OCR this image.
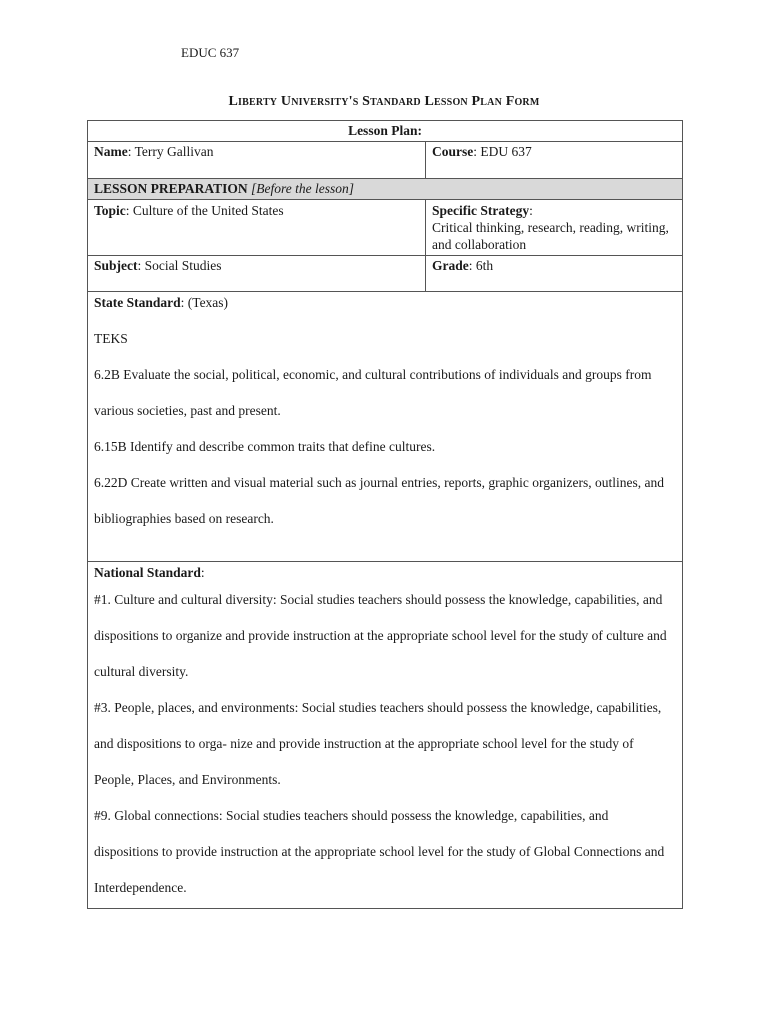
EDUC 637
Liberty University's Standard Lesson Plan Form
Lesson Plan:	
Name: Terry Gallivan	Course: EDU 637
LESSON PREPARATION [Before the lesson]	
Topic: Culture of the United States	Specific Strategy:
Critical thinking, research, reading, writing, and collaboration
Subject: Social Studies	Grade: 6th

State Standard: (Texas)

TEKS

6.2B Evaluate the social, political, economic, and cultural contributions of individuals and groups from various societies, past and present.

6.15B Identify and describe common traits that define cultures.

6.22D Create written and visual material such as journal entries, reports, graphic organizers, outlines, and bibliographies based on research.	

National Standard:

#1. Culture and cultural diversity: Social studies teachers should possess the knowledge, capabilities, and dispositions to organize and provide instruction at the appropriate school level for the study of culture and cultural diversity.

#3. People, places, and environments: Social studies teachers should possess the knowledge, capabilities, and dispositions to orga- nize and provide instruction at the appropriate school level for the study of People, Places, and Environments.

#9. Global connections: Social studies teachers should possess the knowledge, capabilities, and dispositions to provide instruction at the appropriate school level for the study of Global Connections and Interdependence.	
